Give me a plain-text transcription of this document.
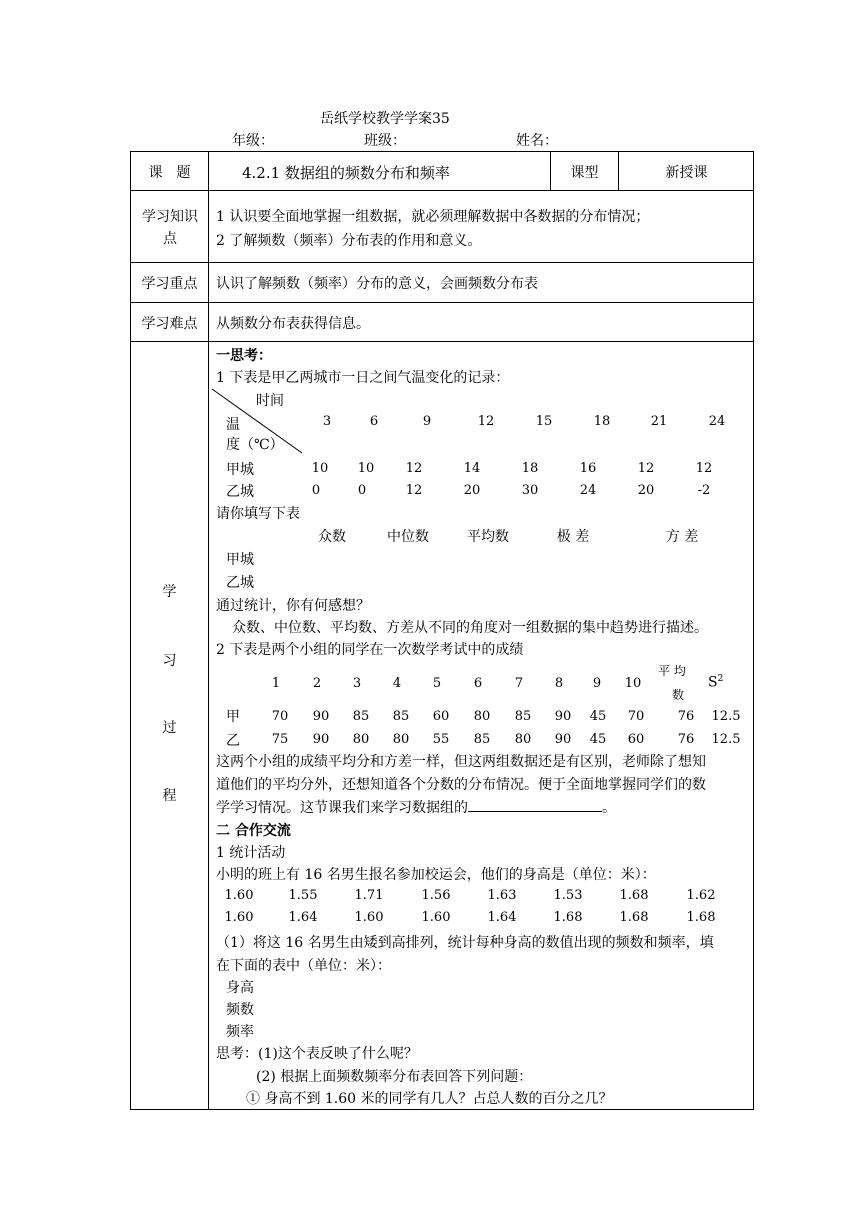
岳纸学校教学学案35
年级：	班级：	姓名：
课　题	4.2.1 数据组的频数分布和频率	课型	新授课
学习知识点
1 认识要全面地掌握一组数据，就必须理解数据中各数据的分布情况；
2 了解频数（频率）分布表的作用和意义。
学习重点	认识了解频数（频率）分布的意义，会画频数分布表
学习难点	从频数分布表获得信息。
学
习
过
程
一思考：
1 下表是甲乙两城市一日之间气温变化的记录：
时间
温
度（℃）
3	6	9	12	15	18	21	24
甲城	10 10 12	14	18	16	12	12
乙城	0	0	12	20	30	24	20	-2
请你填写下表
众数	中位数	平均数	极 差	方 差
甲城
乙城
通过统计，你有何感想？
众数、中位数、平均数、方差从不同的角度对一组数据的集中趋势进行描述。
2 下表是两个小组的同学在一次数学考试中的成绩
平 均
数
$S^2$
1	2 3 4 5	6	7 8 9 10
甲 70 90 85 85 60 80 85 90 45 70	76 12.5
乙 75 90 80 80 55 85 80 90 45 60	76 12.5
这两个小组的成绩平均分和方差一样，但这两组数据还是有区别，老师除了想知
道他们的平均分外，还想知道各个分数的分布情况。便于全面地掌握同学们的数
学学习情况。这节课我们来学习数据组的	。
二 合作交流
1 统计活动
小明的班上有 16 名男生报名参加校运会，他们的身高是（单位：米）：
1.60	1.55	1.71	1.56	1.63	1.53	1.68	1.62
1.60	1.64	1.60	1.60	1.64	1.68	1.68	1.68
（1）将这 16 名男生由矮到高排列，统计每种身高的数值出现的频数和频率，填
在下面的表中（单位：米）：
身高
频数
频率
思考：(1)这个表反映了什么呢？
(2) 根据上面频数频率分布表回答下列问题：
① 身高不到 1.60 米的同学有几人？占总人数的百分之几？
